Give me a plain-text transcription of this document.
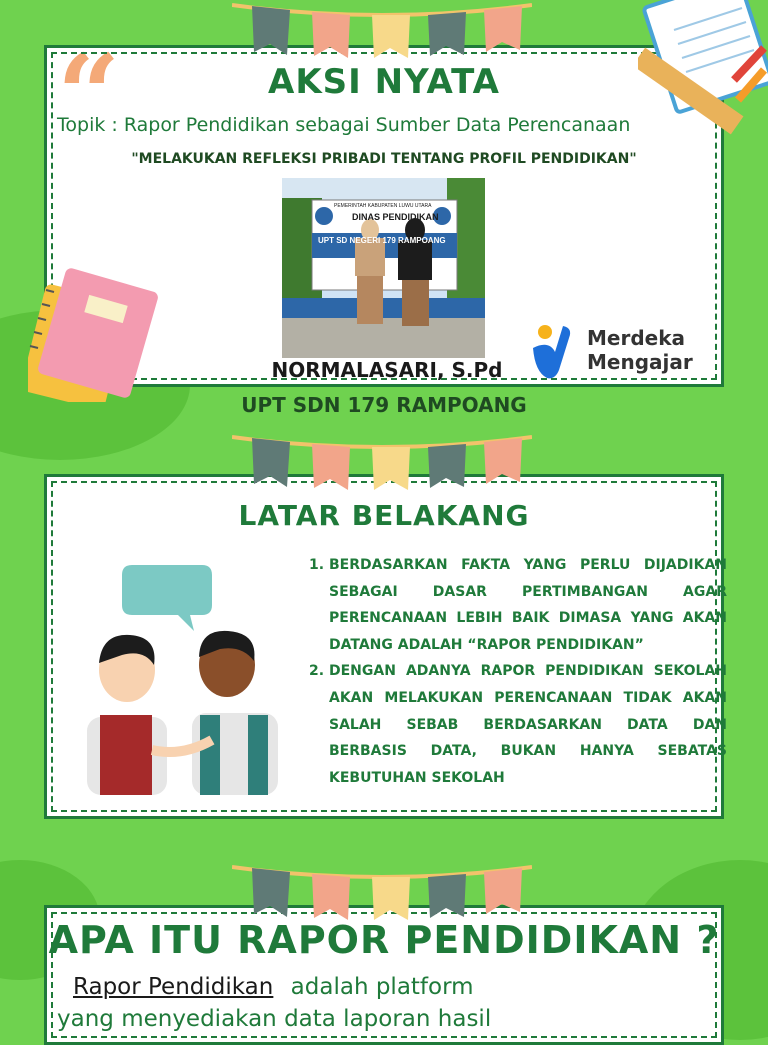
“	AKSI NYATA
Topik : Rapor Pendidikan sebagai Sumber Data Perencanaan
"MELAKUKAN REFLEKSI PRIBADI TENTANG PROFIL PENDIDIKAN"
PEMERINTAH KABUPATEN LUWU UTARA
DINAS PENDIDIKAN
UPT SD NEGERI 179 RAMPOANG
NORMALASARI, S.Pd
Merdeka
Mengajar
UPT SDN 179 RAMPOANG
LATAR BELAKANG
1. BERDASARKAN FAKTA YANG PERLU DIJADIKAN SEBAGAI DASAR PERTIMBANGAN AGAR PERENCANAAN LEBIH BAIK DIMASA YANG AKAN DATANG ADALAH “RAPOR PENDIDIKAN”
2. DENGAN ADANYA RAPOR PENDIDIKAN SEKOLAH AKAN MELAKUKAN PERENCANAAN TIDAK AKAN SALAH SEBAB BERDASARKAN DATA DAN BERBASIS DATA, BUKAN HANYA SEBATAS KEBUTUHAN SEKOLAH
APA ITU RAPOR PENDIDIKAN ?
Rapor Pendidikan adalah platform
yang menyediakan data laporan hasil
